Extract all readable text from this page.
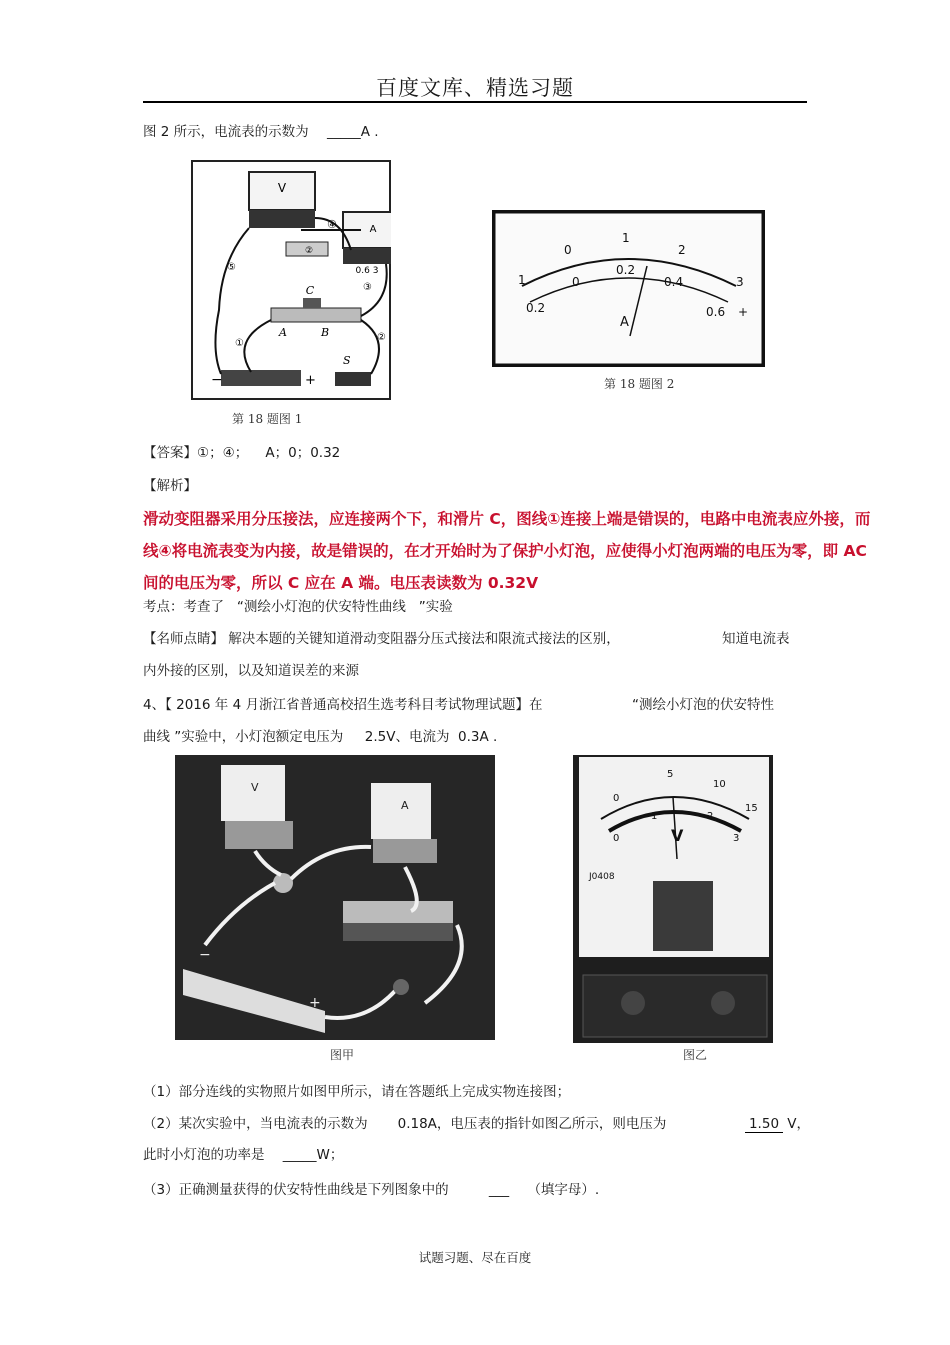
百度文库、精选习题
图 2 所示，电流表的示数为 _____A .
V
A
0.6 3
②
C
A	B
−	+
S
④
③
⑤
①
②
第 18 题图 1
0
1
2
3
1
0.2
0
0.2
0.4
0.6 +
A
第 18 题图 2
【答案】①；④；    A；0；0.32
【解析】
滑动变阻器采用分压接法，应连接两个下，和滑片 C，图线①连接上端是错误的，电路中电流表应外接，而
线④将电流表变为内接，故是错误的，在才开始时为了保护小灯泡，应使得小灯泡两端的电压为零，即 AC
间的电压为零，所以 C 应在 A 端。电压表读数为 0.32V
考点：考查了   “测绘小灯泡的伏安特性曲线   ”实验
【名师点睛】 解决本题的关键知道滑动变阻器分压式接法和限流式接法的区别，	知道电流表
内外接的区别，以及知道误差的来源
4、【 2016 年 4 月浙江省普通高校招生选考科目考试物理试题】在	“测绘小灯泡的伏安特性
曲线 ”实验中，小灯泡额定电压为     2.5V、电流为  0.3A .
V
A
−
+
图甲
0
5
10
15
0
1	2
3
V
J0408
图乙
（1）部分连线的实物照片如图甲所示，请在答题纸上完成实物连接图；
（2）某次实验中，当电流表的示数为       0.18A，电压表的指针如图乙所示，则电压为	1.50 V，
此时小灯泡的功率是 _____W；
（3）正确测量获得的伏安特性曲线是下列图象中的	___ （填字母）.
试题习题、尽在百度
